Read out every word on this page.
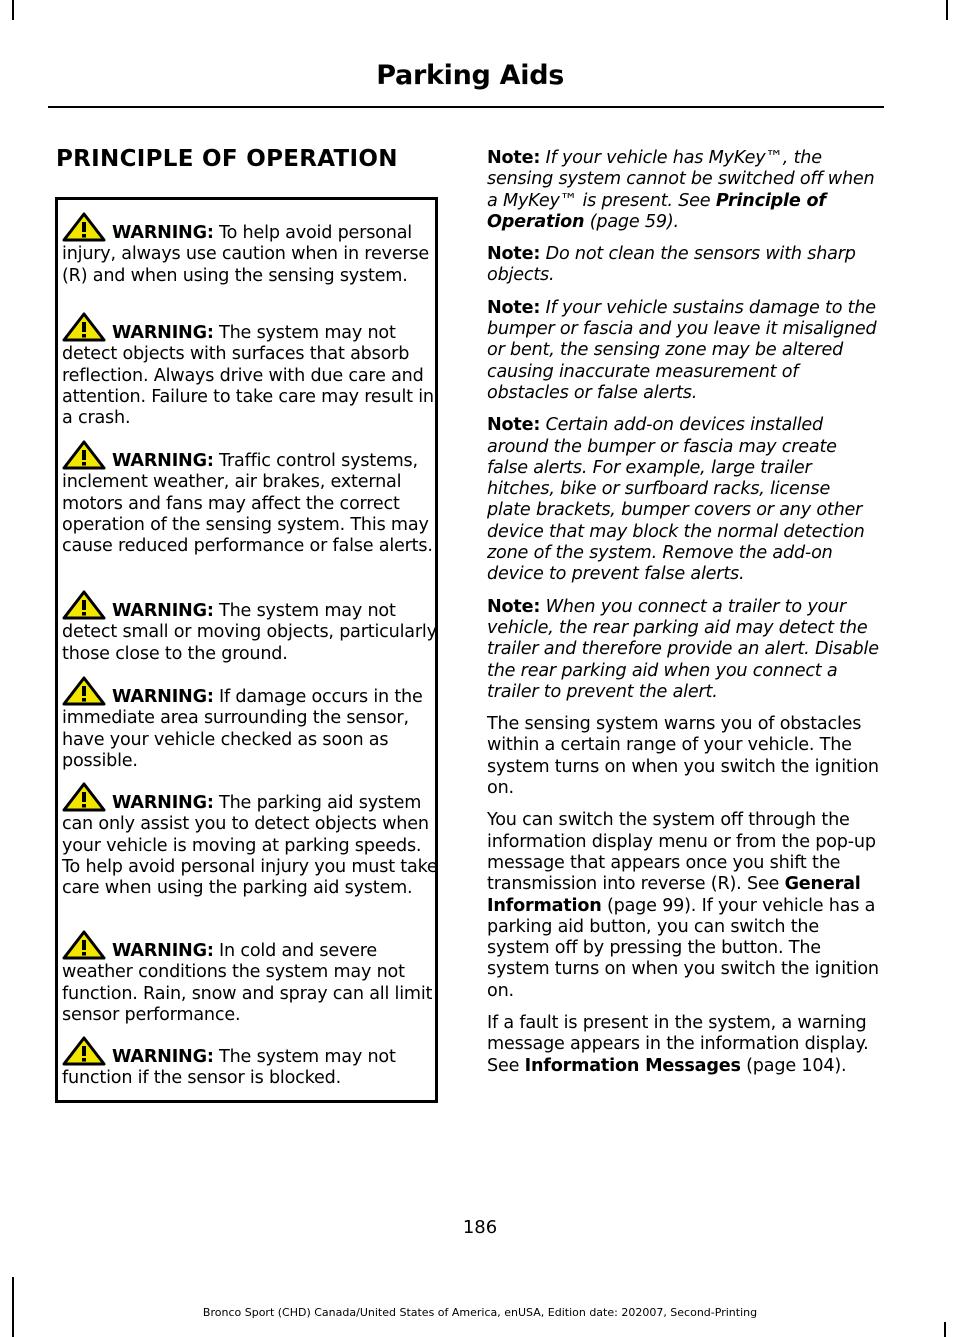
Parking Aids
PRINCIPLE OF OPERATION
WARNING: To help avoid personal injury, always use caution when in reverse (R) and when using the sensing system.
WARNING: The system may not detect objects with surfaces that absorb reflection. Always drive with due care and attention. Failure to take care may result in a crash.
WARNING: Traffic control systems, inclement weather, air brakes, external motors and fans may affect the correct operation of the sensing system. This may cause reduced performance or false alerts.
WARNING: The system may not detect small or moving objects, particularly those close to the ground.
WARNING: If damage occurs in the immediate area surrounding the sensor, have your vehicle checked as soon as possible.
WARNING: The parking aid system can only assist you to detect objects when your vehicle is moving at parking speeds. To help avoid personal injury you must take care when using the parking aid system.
WARNING: In cold and severe weather conditions the system may not function. Rain, snow and spray can all limit sensor performance.
WARNING: The system may not function if the sensor is blocked.

Note: If your vehicle has MyKey™, the sensing system cannot be switched off when a MyKey™ is present. See Principle of Operation (page 59).

Note: Do not clean the sensors with sharp objects.

Note: If your vehicle sustains damage to the bumper or fascia and you leave it misaligned or bent, the sensing zone may be altered causing inaccurate measurement of obstacles or false alerts.

Note: Certain add-on devices installed around the bumper or fascia may create false alerts. For example, large trailer hitches, bike or surfboard racks, license plate brackets, bumper covers or any other device that may block the normal detection zone of the system. Remove the add-on device to prevent false alerts.

Note: When you connect a trailer to your vehicle, the rear parking aid may detect the trailer and therefore provide an alert. Disable the rear parking aid when you connect a trailer to prevent the alert.

The sensing system warns you of obstacles within a certain range of your vehicle. The system turns on when you switch the ignition on.

You can switch the system off through the information display menu or from the pop-up message that appears once you shift the transmission into reverse (R). See General Information (page 99). If your vehicle has a parking aid button, you can switch the system off by pressing the button. The system turns on when you switch the ignition on.

If a fault is present in the system, a warning message appears in the information display. See Information Messages (page 104).

186
Bronco Sport (CHD) Canada/United States of America, enUSA, Edition date: 202007, Second-Printing
